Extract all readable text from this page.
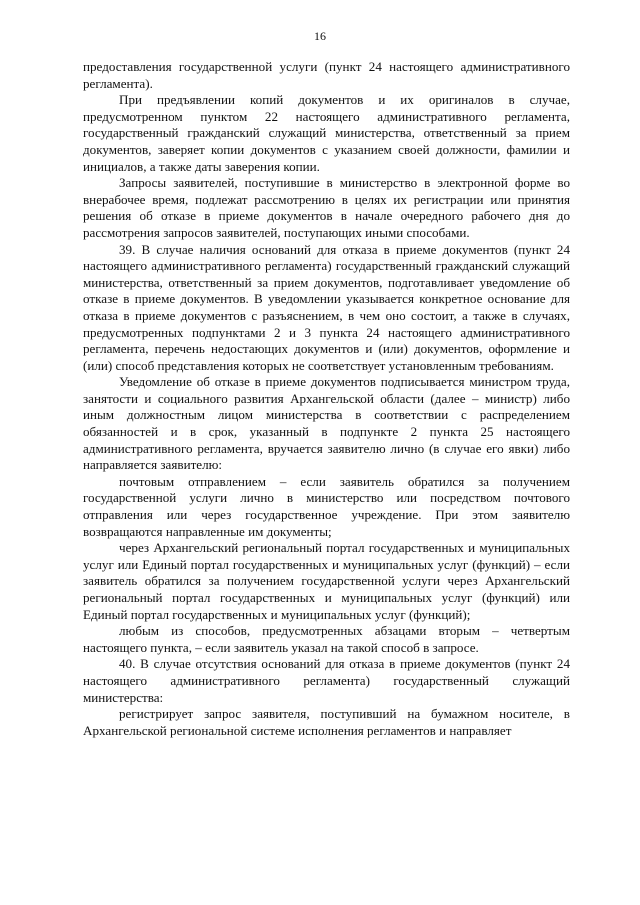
16

предоставления государственной услуги (пункт 24 настоящего административного регламента).

При предъявлении копий документов и их оригиналов в случае, предусмотренном пунктом 22 настоящего административного регламента, государственный гражданский служащий министерства, ответственный за прием документов, заверяет копии документов с указанием своей должности, фамилии и инициалов, а также даты заверения копии.

Запросы заявителей, поступившие в министерство в электронной форме во внерабочее время, подлежат рассмотрению в целях их регистрации или принятия решения об отказе в приеме документов в начале очередного рабочего дня до рассмотрения запросов заявителей, поступающих иными способами.

39. В случае наличия оснований для отказа в приеме документов (пункт 24 настоящего административного регламента) государственный гражданский служащий министерства, ответственный за прием документов, подготавливает уведомление об отказе в приеме документов. В уведомлении указывается конкретное основание для отказа в приеме документов с разъяснением, в чем оно состоит, а также в случаях, предусмотренных подпунктами 2 и 3 пункта 24 настоящего административного регламента, перечень недостающих документов и (или) документов, оформление и (или) способ представления которых не соответствует установленным требованиям.

Уведомление об отказе в приеме документов подписывается министром труда, занятости и социального развития Архангельской области (далее – министр) либо иным должностным лицом министерства в соответствии с распределением обязанностей и в срок, указанный в подпункте 2 пункта 25 настоящего административного регламента, вручается заявителю лично (в случае его явки) либо направляется заявителю:

почтовым отправлением – если заявитель обратился за получением государственной услуги лично в министерство или посредством почтового отправления или через государственное учреждение. При этом заявителю возвращаются направленные им документы;

через Архангельский региональный портал государственных и муниципальных услуг или Единый портал государственных и муниципальных услуг (функций) – если заявитель обратился за получением государственной услуги через Архангельский региональный портал государственных и муниципальных услуг (функций) или Единый портал государственных и муниципальных услуг (функций);

любым из способов, предусмотренных абзацами вторым – четвертым настоящего пункта, – если заявитель указал на такой способ в запросе.

40. В случае отсутствия оснований для отказа в приеме документов (пункт 24 настоящего административного регламента) государственный служащий министерства:

регистрирует запрос заявителя, поступивший на бумажном носителе, в Архангельской региональной системе исполнения регламентов и направляет
